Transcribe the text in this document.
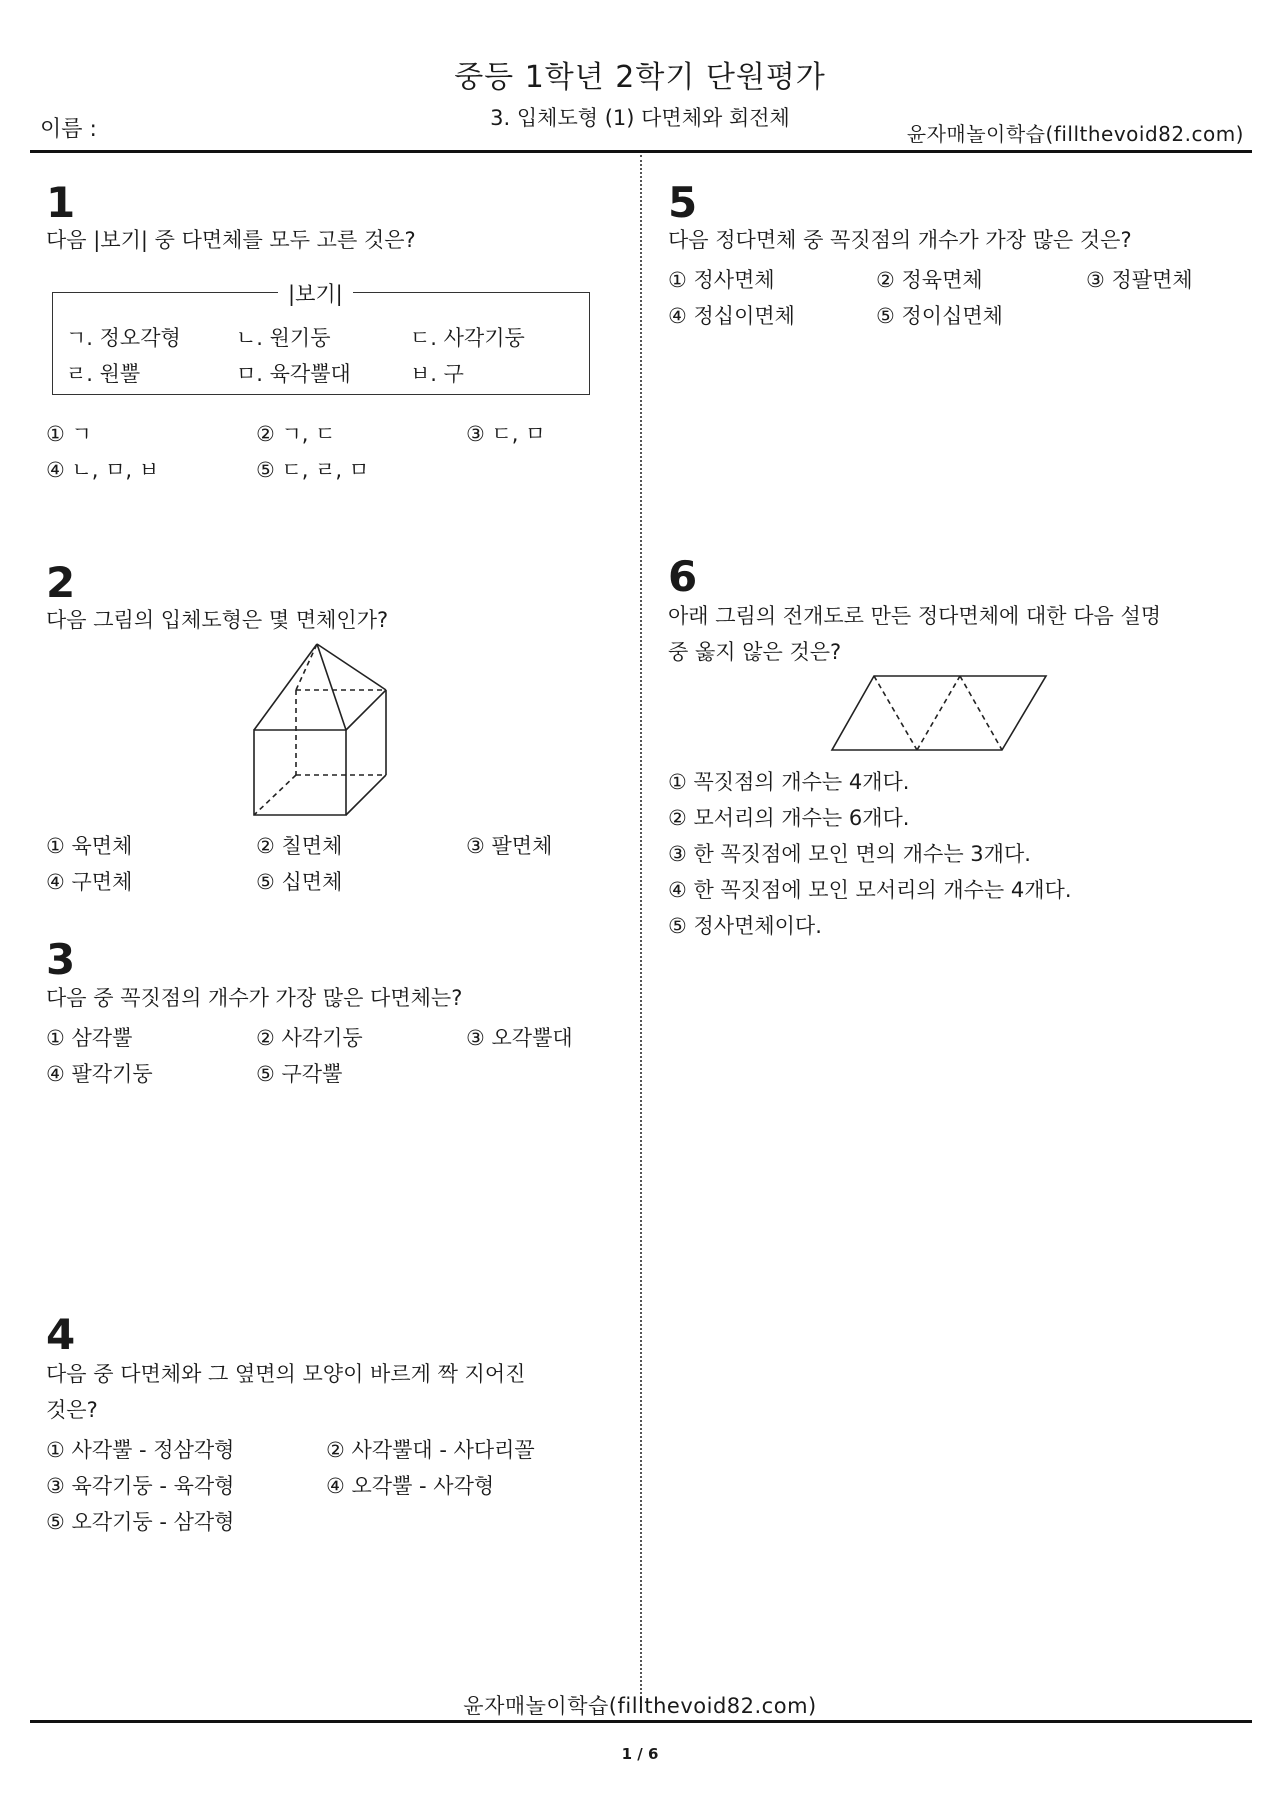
중등 1학년 2학기 단원평가
3. 입체도형 (1) 다면체와 회전체
이름 :	윤자매놀이학습(fillthevoid82.com)
1
다음 |보기| 중 다면체를 모두 고른 것은?
|보기|
ㄱ. 정오각형	ㄴ. 원기둥	ㄷ. 사각기둥
ㄹ. 원뿔	ㅁ. 육각뿔대	ㅂ. 구
① ㄱ	② ㄱ, ㄷ	③ ㄷ, ㅁ
④ ㄴ, ㅁ, ㅂ	⑤ ㄷ, ㄹ, ㅁ
2
다음 그림의 입체도형은 몇 면체인가?
① 육면체	② 칠면체	③ 팔면체
④ 구면체	⑤ 십면체
3
다음 중 꼭짓점의 개수가 가장 많은 다면체는?
① 삼각뿔	② 사각기둥	③ 오각뿔대
④ 팔각기둥	⑤ 구각뿔
4
다음 중 다면체와 그 옆면의 모양이 바르게 짝 지어진
것은?
① 사각뿔 - 정삼각형	② 사각뿔대 - 사다리꼴
③ 육각기둥 - 육각형	④ 오각뿔 - 사각형
⑤ 오각기둥 - 삼각형
5
다음 정다면체 중 꼭짓점의 개수가 가장 많은 것은?
① 정사면체	② 정육면체	③ 정팔면체
④ 정십이면체	⑤ 정이십면체
6
아래 그림의 전개도로 만든 정다면체에 대한 다음 설명
중 옳지 않은 것은?
① 꼭짓점의 개수는 4개다.
② 모서리의 개수는 6개다.
③ 한 꼭짓점에 모인 면의 개수는 3개다.
④ 한 꼭짓점에 모인 모서리의 개수는 4개다.
⑤ 정사면체이다.
윤자매놀이학습(fillthevoid82.com)
1 / 6
